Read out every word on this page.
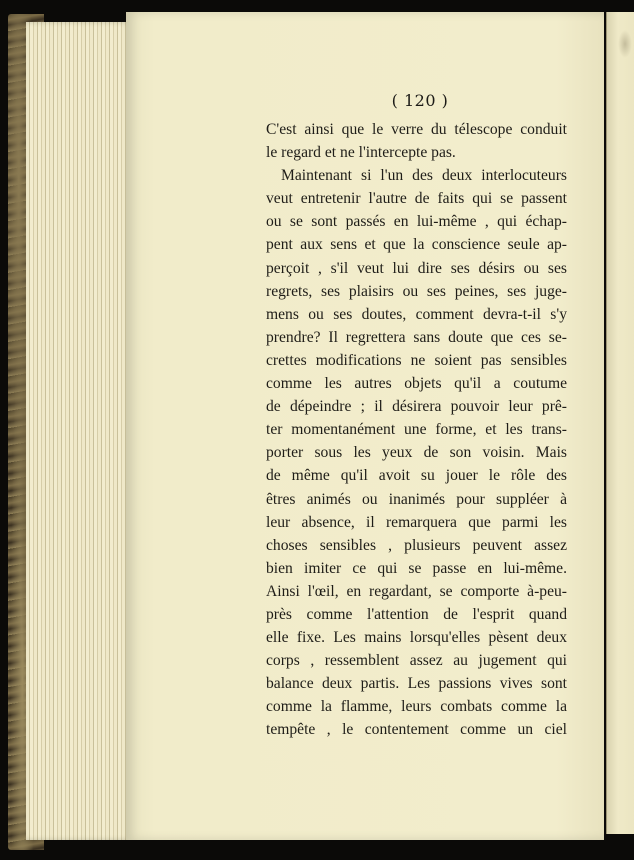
( 120 )
C'est ainsi que le verre du télescope conduit
le regard et ne l'intercepte pas.
Maintenant si l'un des deux interlocuteurs
veut entretenir l'autre de faits qui se passent
ou se sont passés en lui-même , qui échap-
pent aux sens et que la conscience seule ap-
perçoit , s'il veut lui dire ses désirs ou ses
regrets, ses plaisirs ou ses peines, ses juge-
mens ou ses doutes, comment devra-t-il s'y
prendre? Il regrettera sans doute que ces se-
crettes modifications ne soient pas sensibles
comme les autres objets qu'il a coutume
de dépeindre ; il désirera pouvoir leur prê-
ter momentanément une forme, et les trans-
porter sous les yeux de son voisin. Mais
de même qu'il avoit su jouer le rôle des
êtres animés ou inanimés pour suppléer à
leur absence, il remarquera que parmi les
choses sensibles , plusieurs peuvent assez
bien imiter ce qui se passe en lui-même.
Ainsi l'œil, en regardant, se comporte à-peu-
près comme l'attention de l'esprit quand
elle fixe. Les mains lorsqu'elles pèsent deux
corps , ressemblent assez au jugement qui
balance deux partis. Les passions vives sont
comme la flamme, leurs combats comme la
tempête , le contentement comme un ciel
